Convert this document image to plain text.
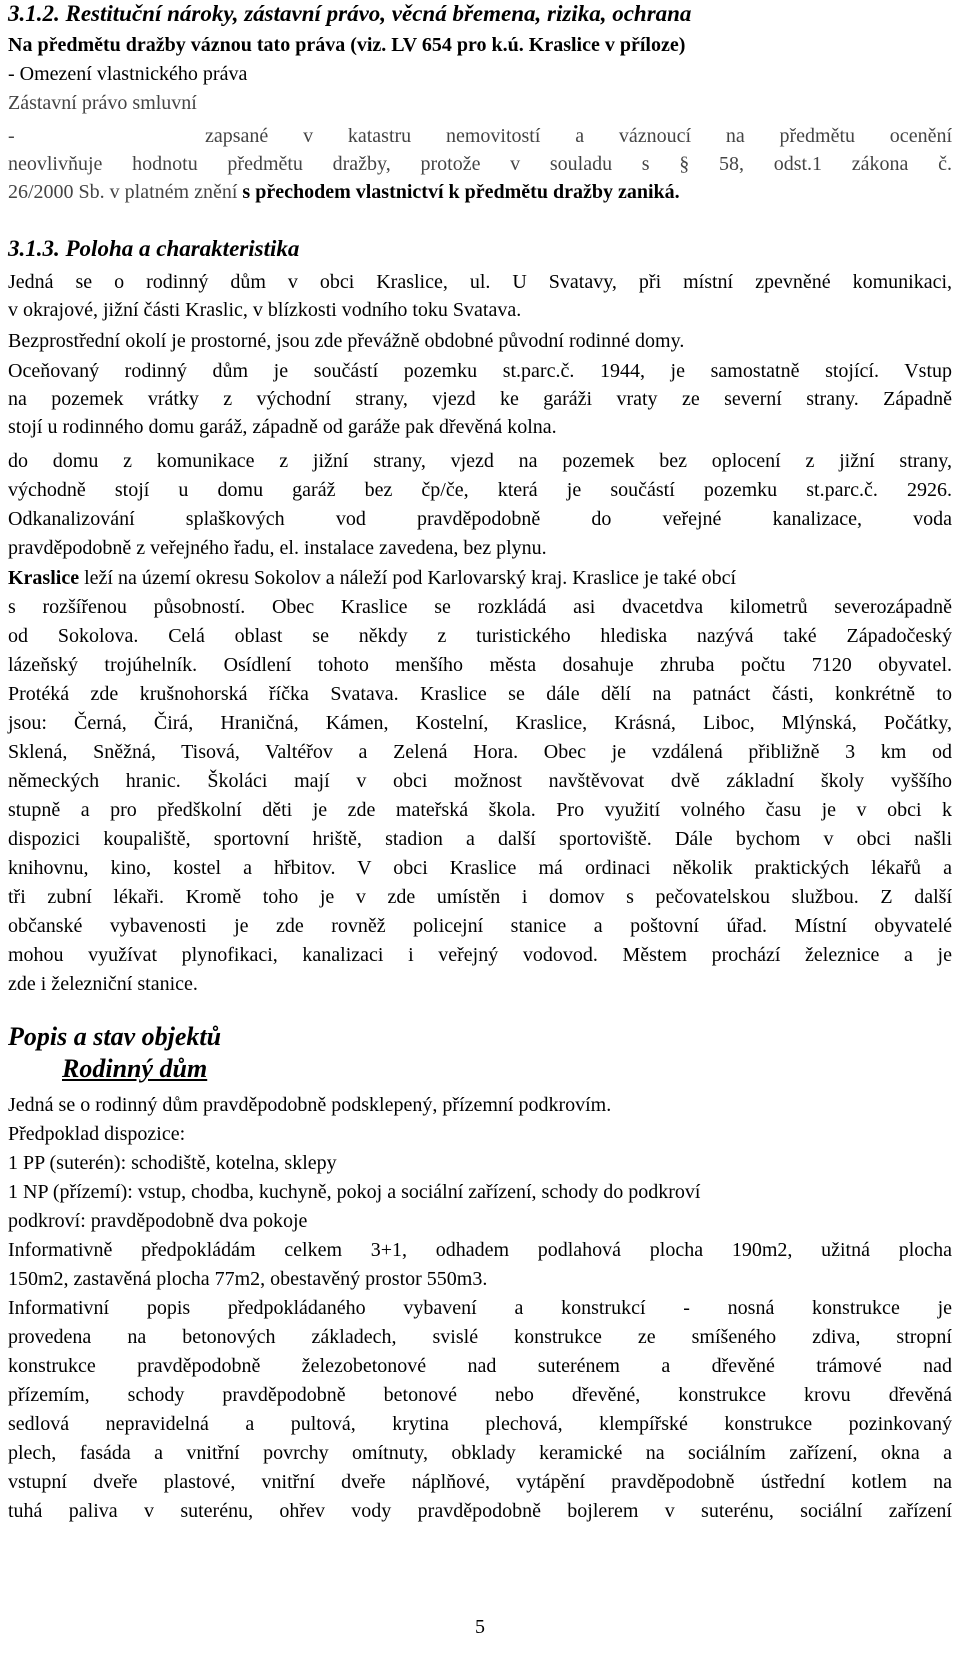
3.1.2. Restituční nároky, zástavní právo, věcná břemena, rizika, ochrana
Na předmětu dražby váznou tato práva (viz. LV 654 pro k.ú. Kraslice v příloze)
- Omezení vlastnického práva
Zástavní právo smluvní
-	zapsané v katastru nemovitostí a váznoucí na předmětu ocenění
neovlivňuje hodnotu předmětu dražby, protože v souladu s § 58, odst.1 zákona č.
26/2000 Sb. v platném znění s přechodem vlastnictví k předmětu dražby zaniká.
3.1.3. Poloha a charakteristika
Jedná se o rodinný dům v obci Kraslice, ul. U Svatavy, při místní zpevněné komunikaci,
v okrajové, jižní části Kraslic, v blízkosti vodního toku Svatava.
Bezprostřední okolí je prostorné, jsou zde převážně obdobné původní rodinné domy.
Oceňovaný rodinný dům je součástí pozemku st.parc.č. 1944, je samostatně stojící. Vstup
na pozemek vrátky z východní strany, vjezd ke garáži vraty ze severní strany. Západně
stojí u rodinného domu garáž, západně od garáže pak dřevěná kolna.
do domu z komunikace z jižní strany, vjezd na pozemek bez oplocení z jižní strany,
východně stojí u domu garáž bez čp/če, která je součástí pozemku st.parc.č. 2926.
Odkanalizování splaškových vod pravděpodobně do veřejné kanalizace, voda
pravděpodobně z veřejného řadu, el. instalace zavedena, bez plynu.
Kraslice leží na území okresu Sokolov a náleží pod Karlovarský kraj. Kraslice je také obcí
s rozšířenou působností. Obec Kraslice se rozkládá asi dvacetdva kilometrů severozápadně
od Sokolova. Celá oblast se někdy z turistického hlediska nazývá také Západočeský
lázeňský trojúhelník. Osídlení tohoto menšího města dosahuje zhruba počtu 7120 obyvatel.
Protéká zde krušnohorská říčka Svatava. Kraslice se dále dělí na patnáct části, konkrétně to
jsou: Černá, Čirá, Hraničná, Kámen, Kostelní, Kraslice, Krásná, Liboc, Mlýnská, Počátky,
Sklená, Sněžná, Tisová, Valtéřov a Zelená Hora. Obec je vzdálená přibližně 3 km od
německých hranic. Školáci mají v obci možnost navštěvovat dvě základní školy vyššího
stupně a pro předškolní děti je zde mateřská škola. Pro využití volného času je v obci k
dispozici koupaliště, sportovní hriště, stadion a další sportoviště. Dále bychom v obci našli
knihovnu, kino, kostel a hřbitov. V obci Kraslice má ordinaci několik praktických lékařů a
tři zubní lékaři. Kromě toho je v zde umístěn i domov s pečovatelskou službou. Z další
občanské vybavenosti je zde rovněž policejní stanice a poštovní úřad. Místní obyvatelé
mohou využívat plynofikaci, kanalizaci i veřejný vodovod. Městem prochází železnice a je
zde i železniční stanice.
Popis a stav objektů
Rodinný dům
Jedná se o rodinný dům pravděpodobně podsklepený, přízemní podkrovím.
Předpoklad dispozice:
1 PP (suterén): schodiště, kotelna, sklepy
1 NP (přízemí): vstup, chodba, kuchyně, pokoj a sociální zařízení, schody do podkroví
podkroví: pravděpodobně dva pokoje
Informativně předpokládám celkem 3+1, odhadem podlahová plocha 190m2, užitná plocha
150m2, zastavěná plocha 77m2, obestavěný prostor 550m3.
Informativní popis předpokládaného vybavení a konstrukcí - nosná konstrukce je
provedena na betonových základech, svislé konstrukce ze smíšeného zdiva, stropní
konstrukce pravděpodobně železobetonové nad suterénem a dřevěné trámové nad
přízemím, schody pravděpodobně betonové nebo dřevěné, konstrukce krovu dřevěná
sedlová nepravidelná a pultová, krytina plechová, klempířské konstrukce pozinkovaný
plech, fasáda a vnitřní povrchy omítnuty, obklady keramické na sociálním zařízení, okna a
vstupní dveře plastové, vnitřní dveře náplňové, vytápění pravděpodobně ústřední kotlem na
tuhá paliva v suterénu, ohřev vody pravděpodobně bojlerem v suterénu, sociální zařízení
5
